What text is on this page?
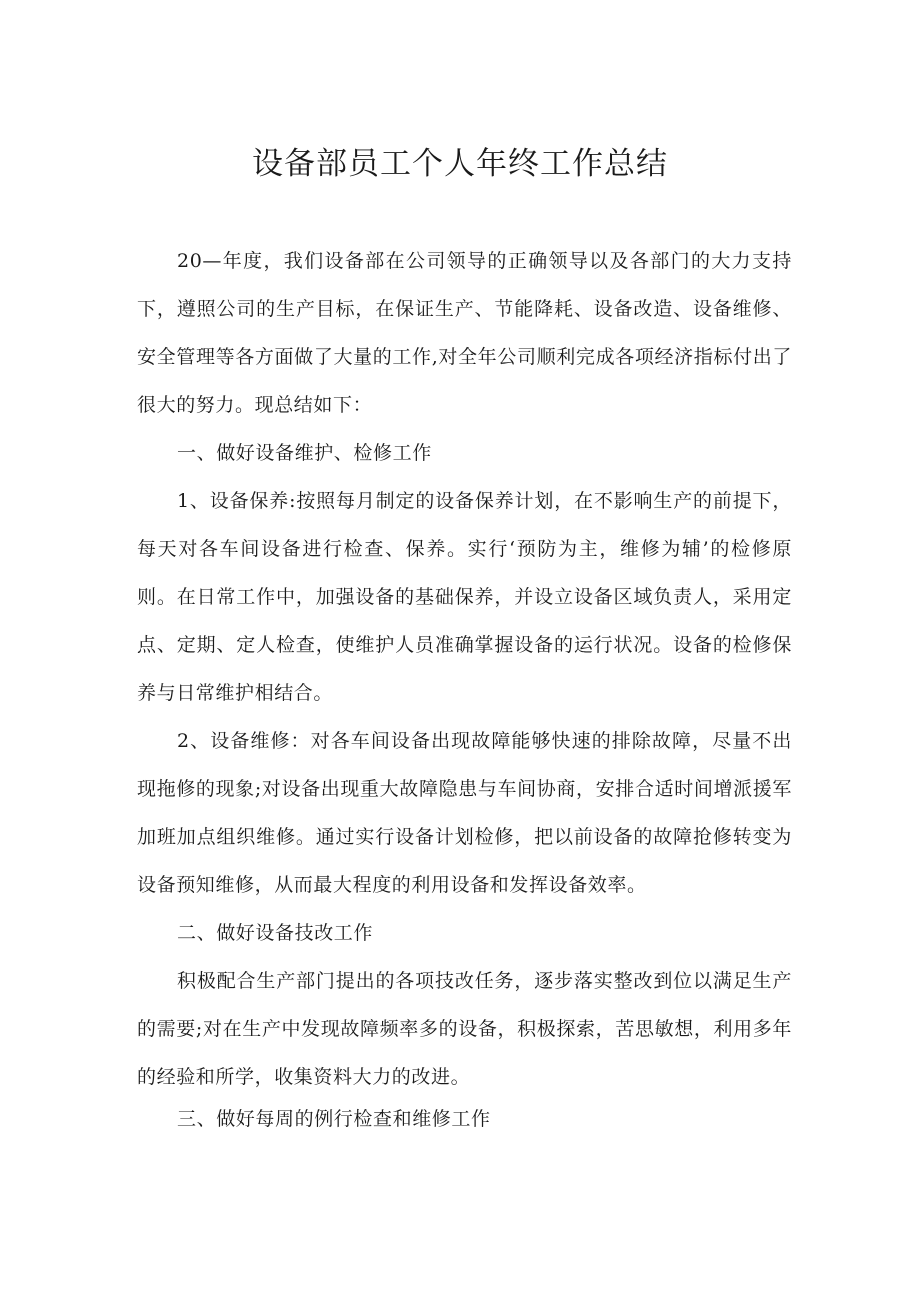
设备部员工个人年终工作总结

20—年度，我们设备部在公司领导的正确领导以及各部门的大力支持下，遵照公司的生产目标，在保证生产、节能降耗、设备改造、设备维修、安全管理等各方面做了大量的工作,对全年公司顺利完成各项经济指标付出了很大的努力。现总结如下：

一、做好设备维护、检修工作

1、设备保养:按照每月制定的设备保养计划，在不影响生产的前提下，每天对各车间设备进行检查、保养。实行‘预防为主，维修为辅’的检修原则。在日常工作中，加强设备的基础保养，并设立设备区域负责人，采用定点、定期、定人检查，使维护人员准确掌握设备的运行状况。设备的检修保养与日常维护相结合。

2、设备维修：对各车间设备出现故障能够快速的排除故障，尽量不出现拖修的现象;对设备出现重大故障隐患与车间协商，安排合适时间增派援军加班加点组织维修。通过实行设备计划检修，把以前设备的故障抢修转变为设备预知维修，从而最大程度的利用设备和发挥设备效率。

二、做好设备技改工作

积极配合生产部门提出的各项技改任务，逐步落实整改到位以满足生产的需要;对在生产中发现故障频率多的设备，积极探索，苦思敏想，利用多年的经验和所学，收集资料大力的改进。

三、做好每周的例行检查和维修工作
